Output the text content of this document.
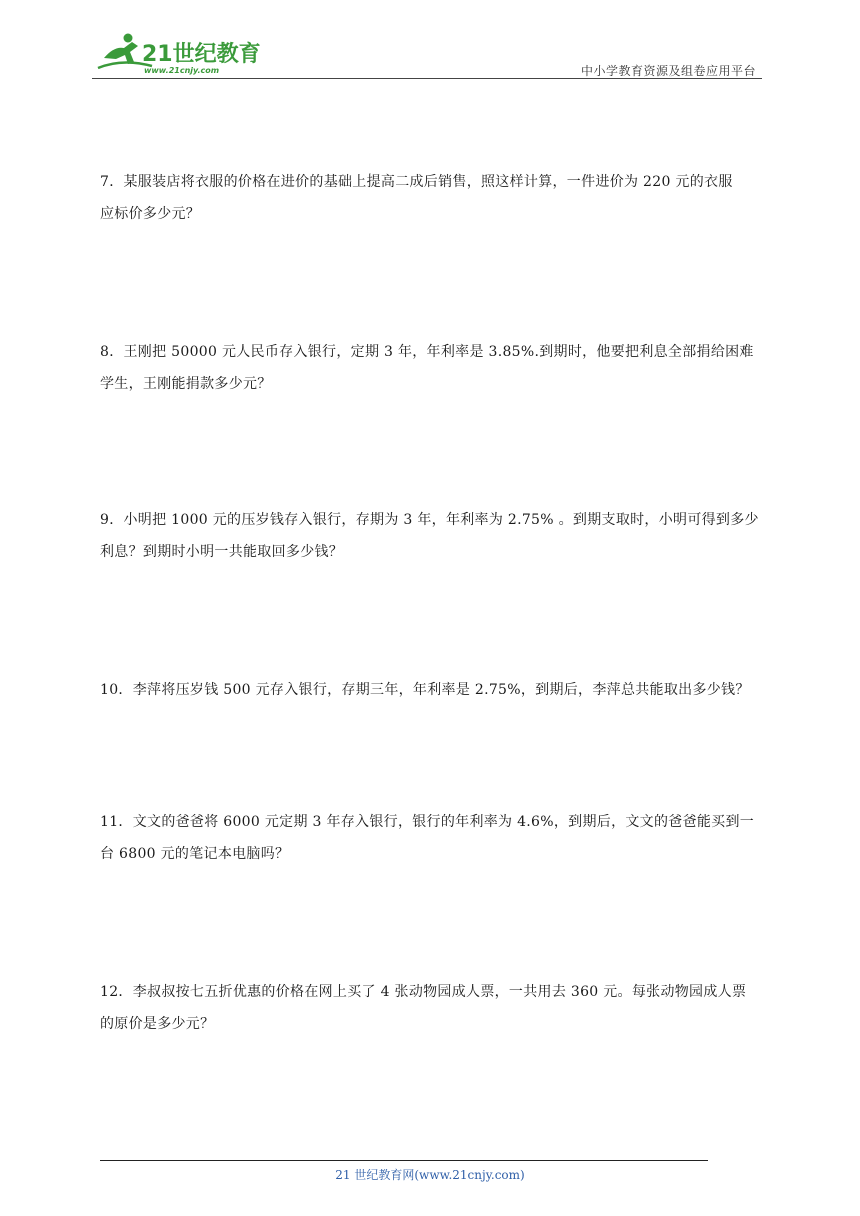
21世纪教育
www.21cnjy.com	中小学教育资源及组卷应用平台
7．某服装店将衣服的价格在进价的基础上提高二成后销售，照这样计算，一件进价为 220 元的衣服
应标价多少元？
8．王刚把 50000 元人民币存入银行，定期 3 年，年利率是 3.85%.到期时，他要把利息全部捐给困难
学生，王刚能捐款多少元？
9．小明把 1000 元的压岁钱存入银行，存期为 3 年，年利率为 2.75% 。到期支取时，小明可得到多少
利息？到期时小明一共能取回多少钱？
10．李萍将压岁钱 500 元存入银行，存期三年，年利率是 2.75%，到期后，李萍总共能取出多少钱？
11．文文的爸爸将 6000 元定期 3 年存入银行，银行的年利率为 4.6%，到期后，文文的爸爸能买到一
台 6800 元的笔记本电脑吗？
12．李叔叔按七五折优惠的价格在网上买了 4 张动物园成人票，一共用去 360 元。每张动物园成人票
的原价是多少元？
21 世纪教育网(www.21cnjy.com)
